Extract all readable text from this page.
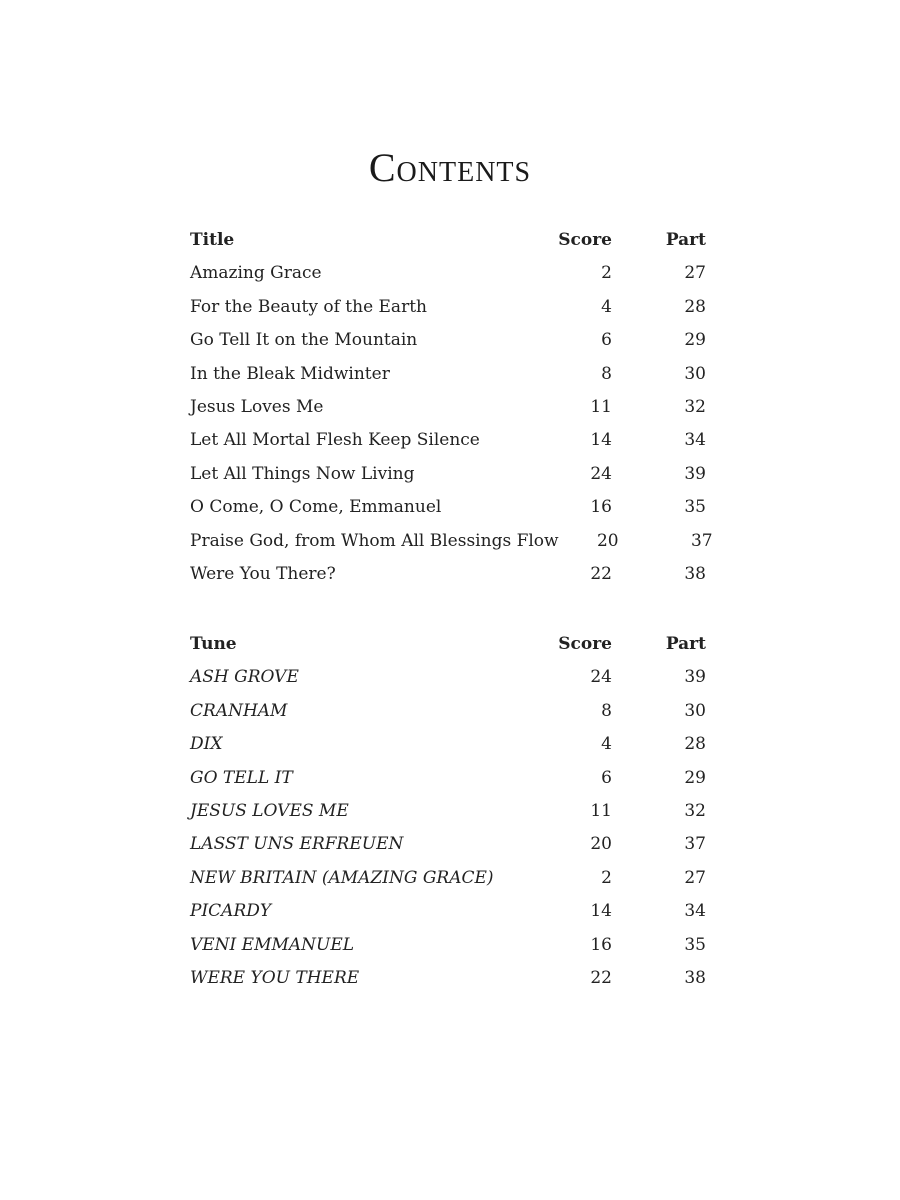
Contents
Title	Score	Part
Amazing Grace	2	27
For the Beauty of the Earth	4	28
Go Tell It on the Mountain	6	29
In the Bleak Midwinter	8	30
Jesus Loves Me	11	32
Let All Mortal Flesh Keep Silence	14	34
Let All Things Now Living	24	39
O Come, O Come, Emmanuel	16	35
Praise God, from Whom All Blessings Flow	20	37
Were You There?	22	38
Tune	Score	Part
ASH GROVE	24	39
CRANHAM	8	30
DIX	4	28
GO TELL IT	6	29
JESUS LOVES ME	11	32
LASST UNS ERFREUEN	20	37
NEW BRITAIN (AMAZING GRACE)	2	27
PICARDY	14	34
VENI EMMANUEL	16	35
WERE YOU THERE	22	38
